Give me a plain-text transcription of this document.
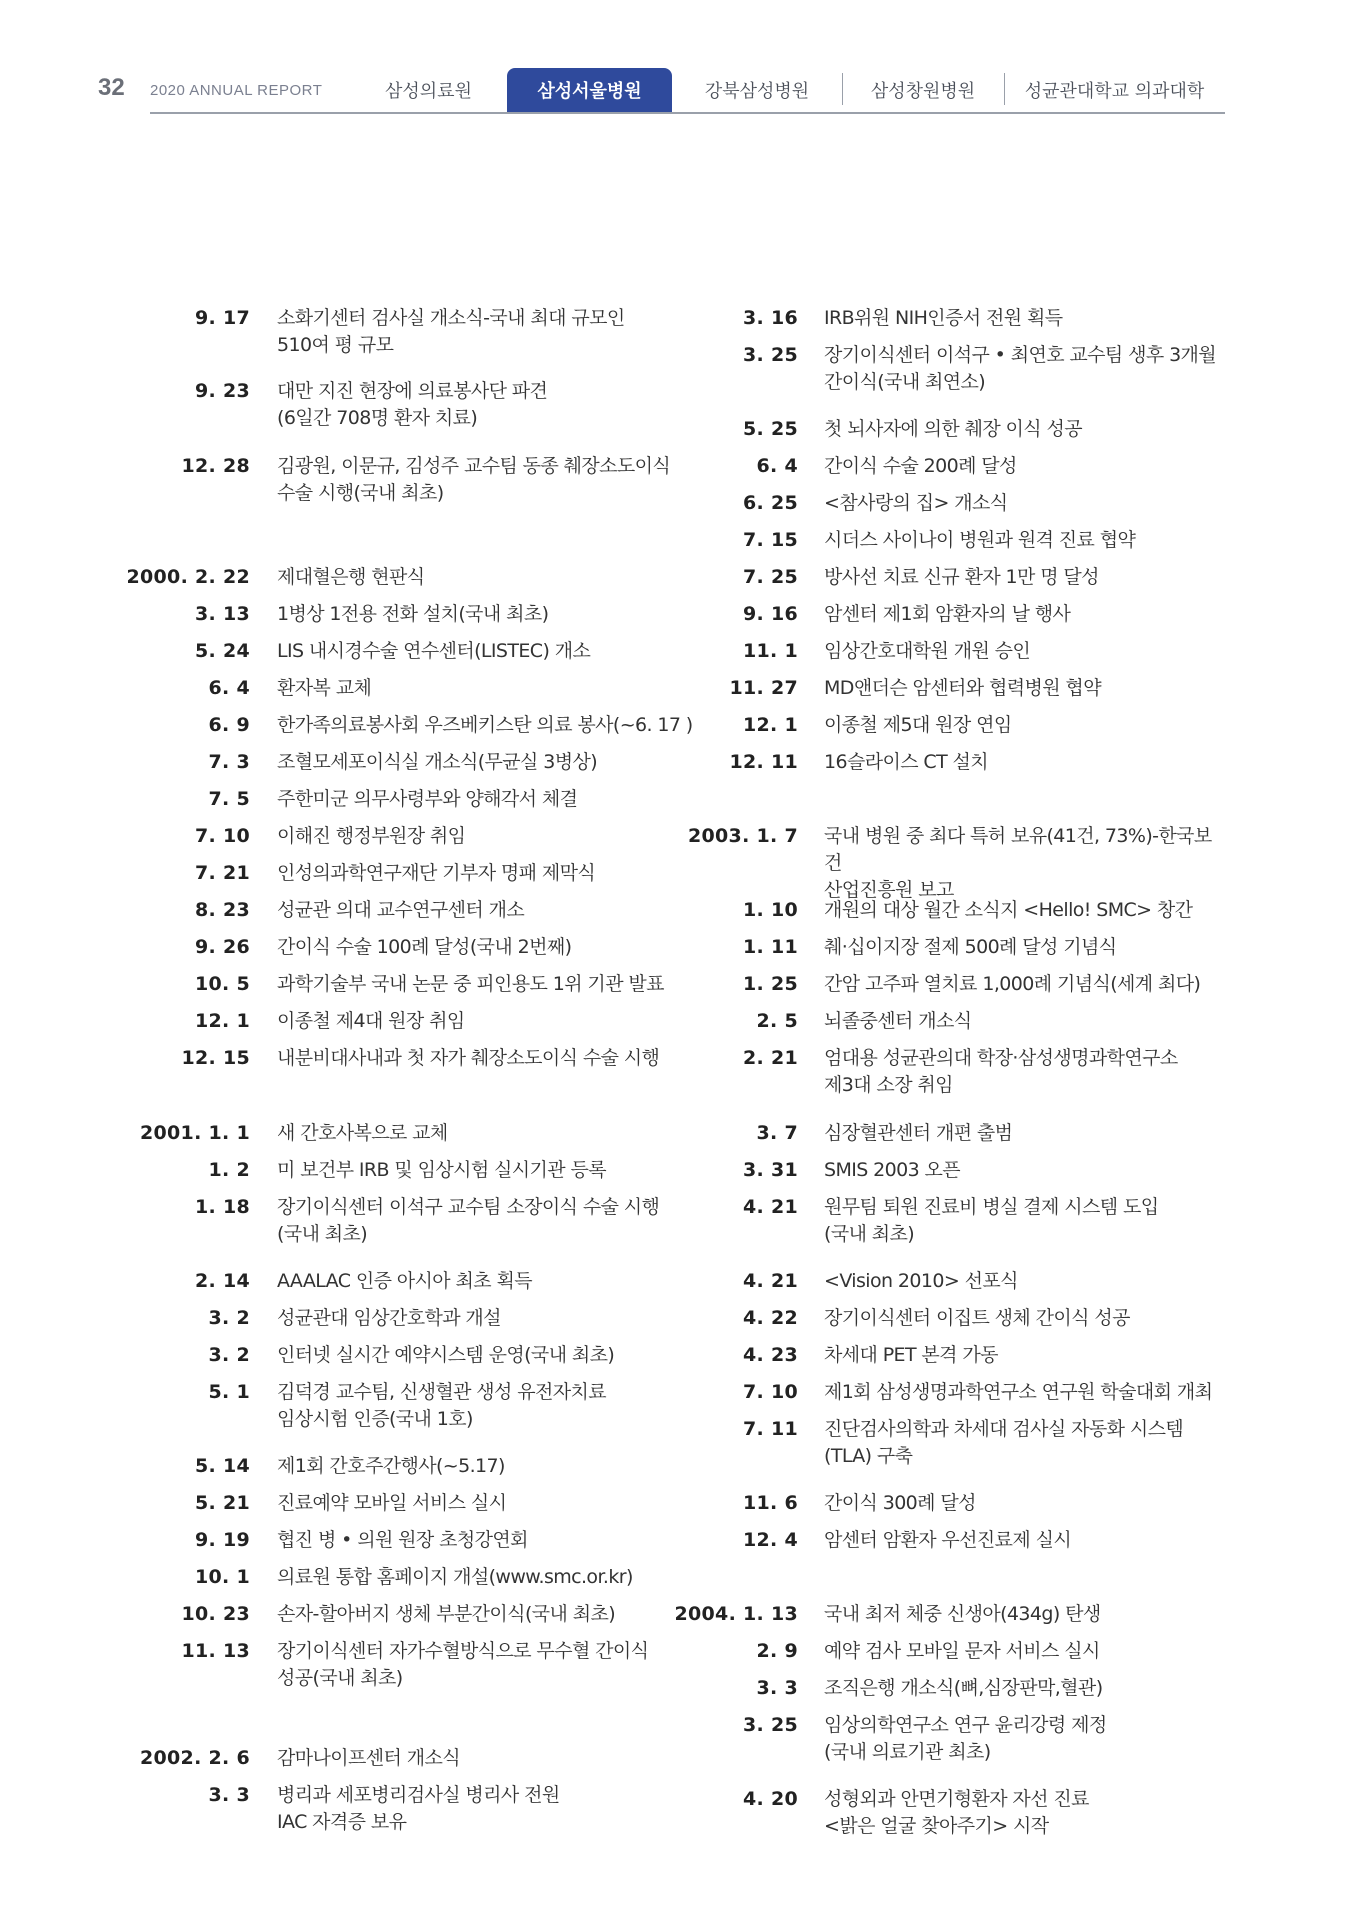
32 2020 ANNUAL REPORT	삼성의료원	삼성서울병원	강북삼성병원	삼성창원병원	성균관대학교 의과대학
9. 17 소화기센터 검사실 개소식-국내 최대 규모인
510여 평 규모
9. 23 대만 지진 현장에 의료봉사단 파견
(6일간 708명 환자 치료)
12. 28 김광원, 이문규, 김성주 교수팀 동종 췌장소도이식
수술 시행(국내 최초)
2000. 2. 22 제대혈은행 현판식
3. 13 1병상 1전용 전화 설치(국내 최초)
5. 24 LIS 내시경수술 연수센터(LISTEC) 개소
6. 4 환자복 교체
6. 9 한가족의료봉사회 우즈베키스탄 의료 봉사(~6. 17 )
7. 3 조혈모세포이식실 개소식(무균실 3병상)
7. 5 주한미군 의무사령부와 양해각서 체결
7. 10 이해진 행정부원장 취임
7. 21 인성의과학연구재단 기부자 명패 제막식
8. 23 성균관 의대 교수연구센터 개소
9. 26 간이식 수술 100례 달성(국내 2번째)
10. 5 과학기술부 국내 논문 중 피인용도 1위 기관 발표
12. 1 이종철 제4대 원장 취임
12. 15 내분비대사내과 첫 자가 췌장소도이식 수술 시행
2001. 1. 1 새 간호사복으로 교체
1. 2 미 보건부 IRB 및 임상시험 실시기관 등록
1. 18 장기이식센터 이석구 교수팀 소장이식 수술 시행
(국내 최초)
2. 14 AAALAC 인증 아시아 최초 획득
3. 2 성균관대 임상간호학과 개설
3. 2 인터넷 실시간 예약시스템 운영(국내 최초)
5. 1 김덕경 교수팀, 신생혈관 생성 유전자치료
임상시험 인증(국내 1호)
5. 14 제1회 간호주간행사(~5.17)
5. 21 진료예약 모바일 서비스 실시
9. 19 협진 병 • 의원 원장 초청강연회
10. 1 의료원 통합 홈페이지 개설(www.smc.or.kr)
10. 23 손자-할아버지 생체 부분간이식(국내 최초)
11. 13 장기이식센터 자가수혈방식으로 무수혈 간이식
성공(국내 최초)
2002. 2. 6 감마나이프센터 개소식
3. 3 병리과 세포병리검사실 병리사 전원
IAC 자격증 보유
3. 16 IRB위원 NIH인증서 전원 획득
3. 25 장기이식센터 이석구 • 최연호 교수팀 생후 3개월
간이식(국내 최연소)
5. 25 첫 뇌사자에 의한 췌장 이식 성공
6. 4 간이식 수술 200례 달성
6. 25 <참사랑의 집> 개소식
7. 15 시더스 사이나이 병원과 원격 진료 협약
7. 25 방사선 치료 신규 환자 1만 명 달성
9. 16 암센터 제1회 암환자의 날 행사
11. 1 임상간호대학원 개원 승인
11. 27 MD앤더슨 암센터와 협력병원 협약
12. 1 이종철 제5대 원장 연임
12. 11 16슬라이스 CT 설치
2003. 1. 7 국내 병원 중 최다 특허 보유(41건, 73%)-한국보건
산업진흥원 보고
1. 10 개원의 대상 월간 소식지 <Hello! SMC> 창간
1. 11 췌·십이지장 절제 500례 달성 기념식
1. 25 간암 고주파 열치료 1,000례 기념식(세계 최다)
2. 5 뇌졸중센터 개소식
2. 21 엄대용 성균관의대 학장·삼성생명과학연구소
제3대 소장 취임
3. 7 심장혈관센터 개편 출범
3. 31 SMIS 2003 오픈
4. 21 원무팀 퇴원 진료비 병실 결제 시스템 도입
(국내 최초)
4. 21 <Vision 2010> 선포식
4. 22 장기이식센터 이집트 생체 간이식 성공
4. 23 차세대 PET 본격 가동
7. 10 제1회 삼성생명과학연구소 연구원 학술대회 개최
7. 11 진단검사의학과 차세대 검사실 자동화 시스템
(TLA) 구축
11. 6 간이식 300례 달성
12. 4 암센터 암환자 우선진료제 실시
2004. 1. 13 국내 최저 체중 신생아(434g) 탄생
2. 9 예약 검사 모바일 문자 서비스 실시
3. 3 조직은행 개소식(뼈,심장판막,혈관)
3. 25 임상의학연구소 연구 윤리강령 제정
(국내 의료기관 최초)
4. 20 성형외과 안면기형환자 자선 진료
<밝은 얼굴 찾아주기> 시작
